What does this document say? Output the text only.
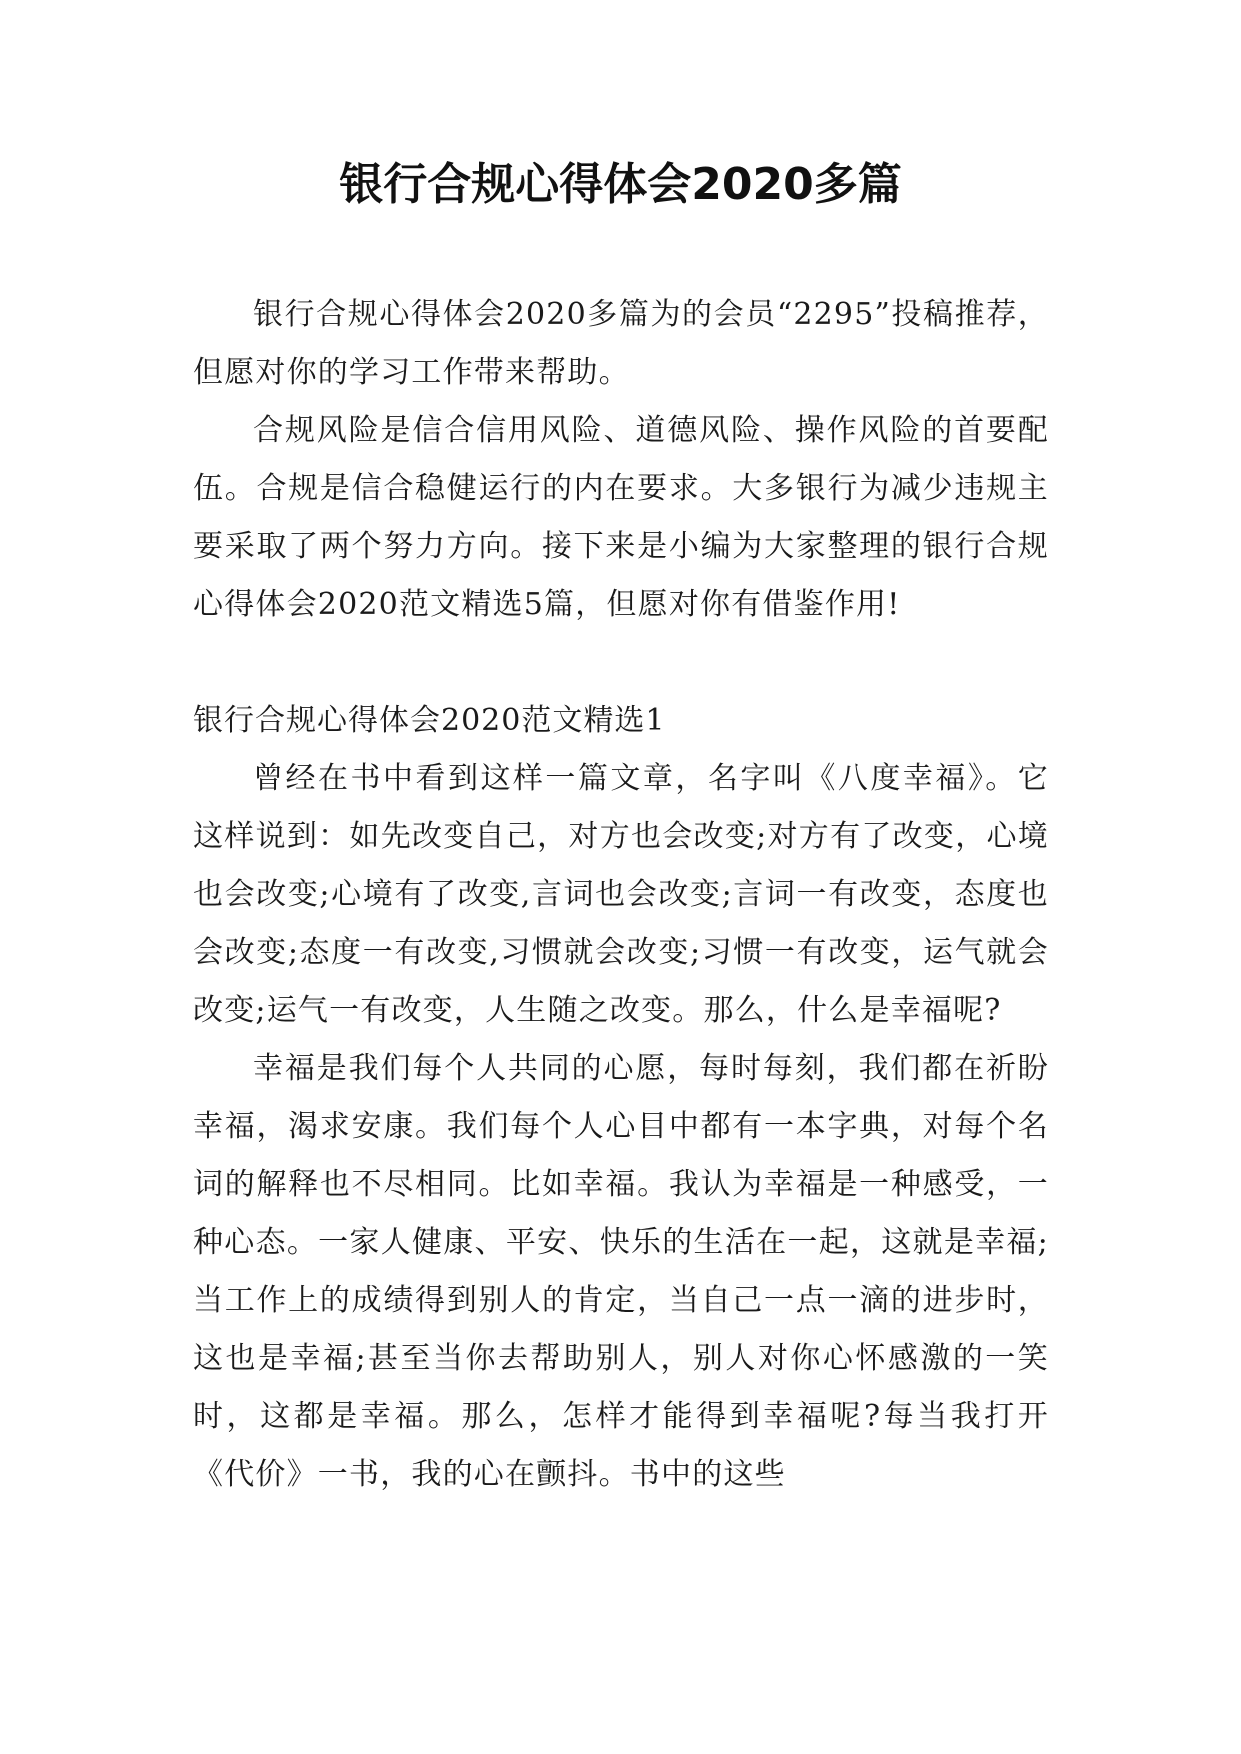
银行合规心得体会2020多篇

银行合规心得体会2020多篇为的会员“2295”投稿推荐，但愿对你的学习工作带来帮助。

合规风险是信合信用风险、道德风险、操作风险的首要配伍。合规是信合稳健运行的内在要求。大多银行为减少违规主要采取了两个努力方向。接下来是小编为大家整理的银行合规心得体会2020范文精选5篇，但愿对你有借鉴作用!

银行合规心得体会2020范文精选1

曾经在书中看到这样一篇文章，名字叫《八度幸福》。它这样说到：如先改变自己，对方也会改变;对方有了改变，心境也会改变;心境有了改变,言词也会改变;言词一有改变，态度也会改变;态度一有改变,习惯就会改变;习惯一有改变，运气就会改变;运气一有改变，人生随之改变。那么，什么是幸福呢?

幸福是我们每个人共同的心愿，每时每刻，我们都在祈盼幸福，渴求安康。我们每个人心目中都有一本字典，对每个名词的解释也不尽相同。比如幸福。我认为幸福是一种感受，一种心态。一家人健康、平安、快乐的生活在一起，这就是幸福;当工作上的成绩得到别人的肯定，当自己一点一滴的进步时，这也是幸福;甚至当你去帮助别人，别人对你心怀感激的一笑时，这都是幸福。那么，怎样才能得到幸福呢?每当我打开《代价》一书，我的心在颤抖。书中的这些
